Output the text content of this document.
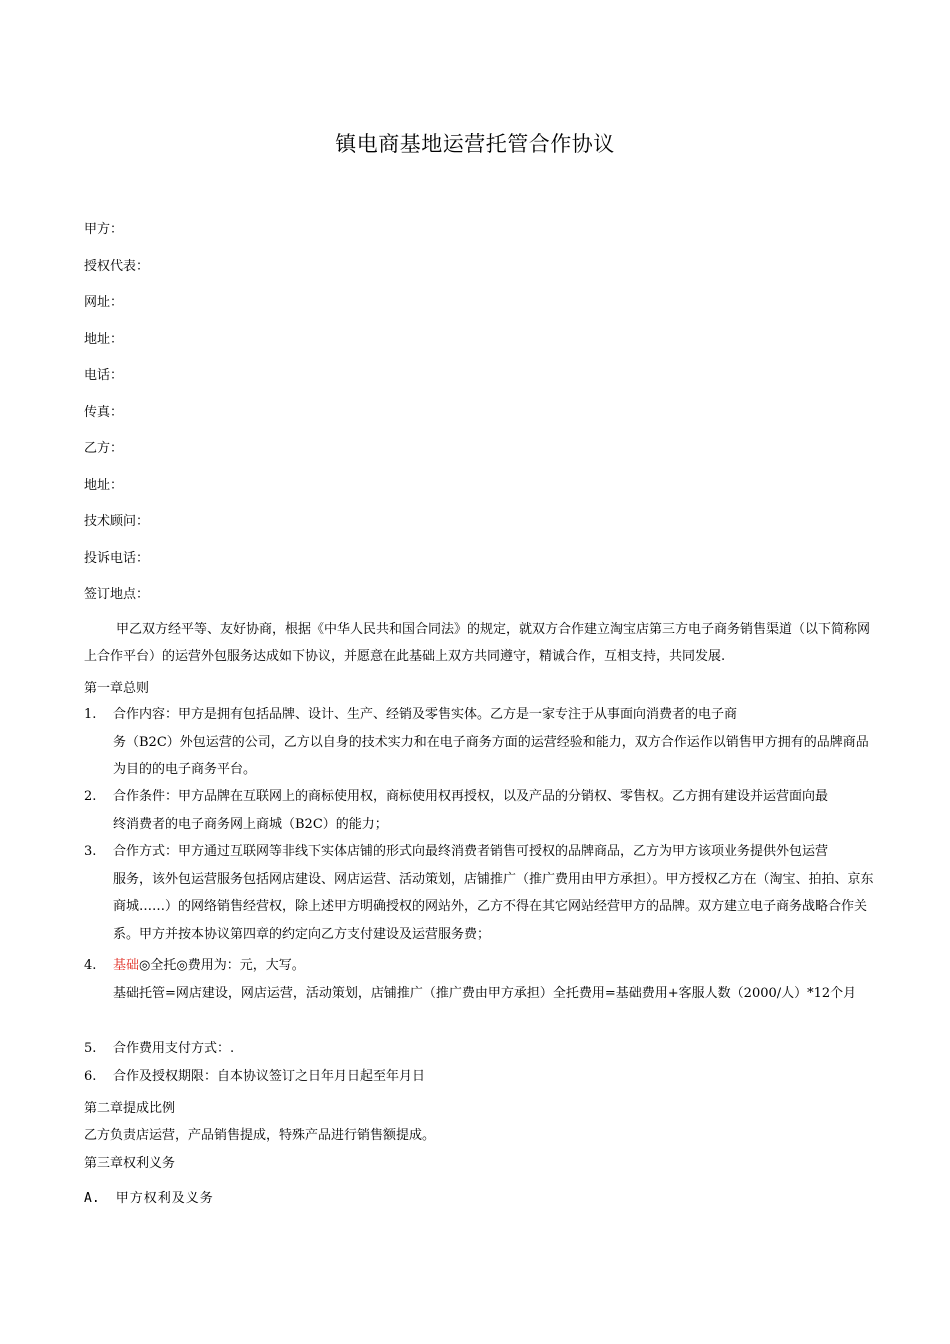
镇电商基地运营托管合作协议
甲方：
授权代表：
网址：
地址：
电话：
传真：
乙方：
地址：
技术顾问：
投诉电话：
签订地点：
甲乙双方经平等、友好协商，根据《中华人民共和国合同法》的规定，就双方合作建立淘宝店第三方电子商务销售渠道（以下简称网上合作平台）的运营外包服务达成如下协议，并愿意在此基础上双方共同遵守，精诚合作，互相支持，共同发展.
第一章总则
1. 合作内容：甲方是拥有包括品牌、设计、生产、经销及零售实体。乙方是一家专注于从事面向消费者的电子商
务（B2C）外包运营的公司，乙方以自身的技术实力和在电子商务方面的运营经验和能力，双方合作运作以销售甲方拥有的品牌商品为目的的电子商务平台。
2. 合作条件：甲方品牌在互联网上的商标使用权，商标使用权再授权，以及产品的分销权、零售权。乙方拥有建设并运营面向最
终消费者的电子商务网上商城（B2C）的能力；
3. 合作方式：甲方通过互联网等非线下实体店铺的形式向最终消费者销售可授权的品牌商品，乙方为甲方该项业务提供外包运营
服务，该外包运营服务包括网店建设、网店运营、活动策划，店铺推广（推广费用由甲方承担）。甲方授权乙方在（淘宝、拍拍、京东商城……）的网络销售经营权，除上述甲方明确授权的网站外，乙方不得在其它网站经营甲方的品牌。双方建立电子商务战略合作关系。甲方并按本协议第四章的约定向乙方支付建设及运营服务费；
4. 基础◎全托◎费用为：元，大写。
基础托管=网店建设，网店运营，活动策划，店铺推广（推广费由甲方承担）全托费用=基础费用+客服人数（2000/人）*12个月
5. 合作费用支付方式：.
6. 合作及授权期限：自本协议签订之日年月日起至年月日
第二章提成比例
乙方负责店运营，产品销售提成，特殊产品进行销售额提成。
第三章权利义务
A. 甲方权利及义务
